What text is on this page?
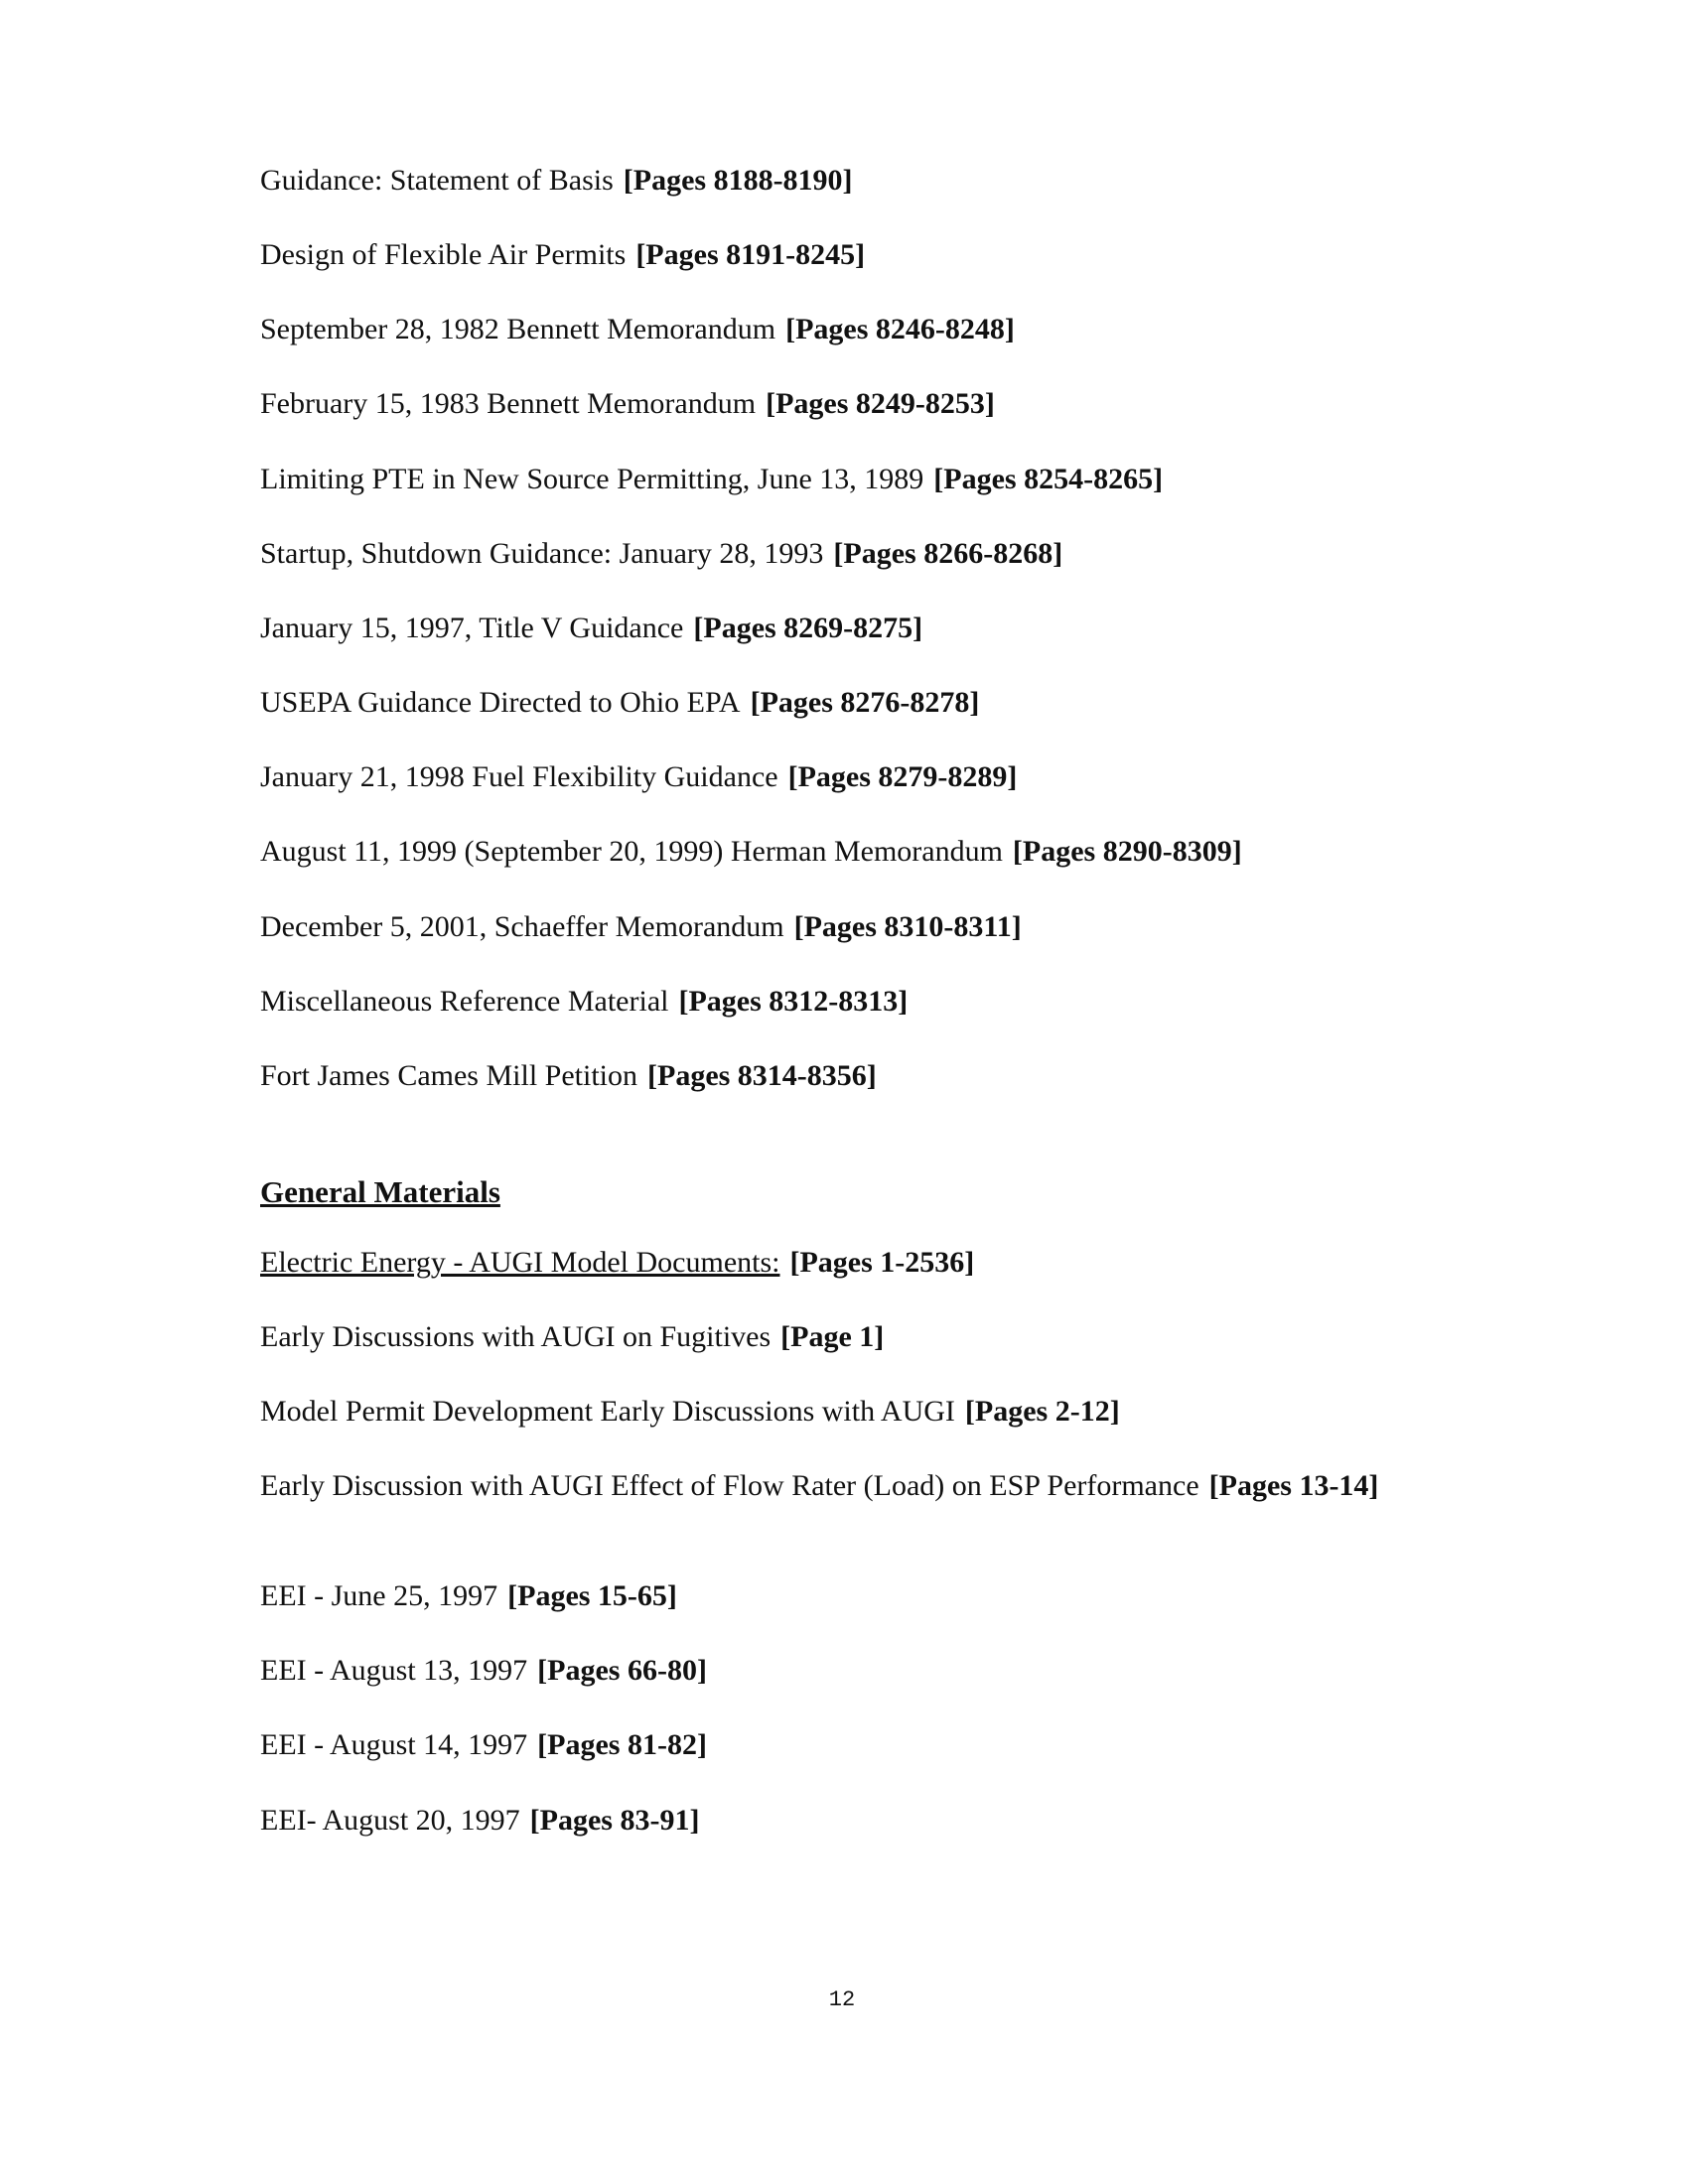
Guidance: Statement of Basis [Pages 8188-8190]
Design of Flexible Air Permits [Pages 8191-8245]
September 28, 1982 Bennett Memorandum [Pages 8246-8248]
February 15, 1983 Bennett Memorandum [Pages 8249-8253]
Limiting PTE in New Source Permitting, June 13, 1989 [Pages 8254-8265]
Startup, Shutdown Guidance: January 28, 1993 [Pages 8266-8268]
January 15, 1997, Title V Guidance [Pages 8269-8275]
USEPA Guidance Directed to Ohio EPA [Pages 8276-8278]
January 21, 1998 Fuel Flexibility Guidance [Pages 8279-8289]
August 11, 1999 (September 20, 1999) Herman Memorandum [Pages 8290-8309]
December 5, 2001, Schaeffer Memorandum [Pages 8310-8311]
Miscellaneous Reference Material [Pages 8312-8313]
Fort James Cames Mill Petition [Pages 8314-8356]
General Materials
Electric Energy - AUGI Model Documents: [Pages 1-2536]
Early Discussions with AUGI on Fugitives [Page 1]
Model Permit Development Early Discussions with AUGI [Pages 2-12]
Early Discussion with AUGI Effect of Flow Rater (Load) on ESP Performance [Pages 13-14]
EEI - June 25, 1997 [Pages 15-65]
EEI - August 13, 1997 [Pages 66-80]
EEI - August 14, 1997 [Pages 81-82]
EEI- August 20, 1997 [Pages 83-91]
12
